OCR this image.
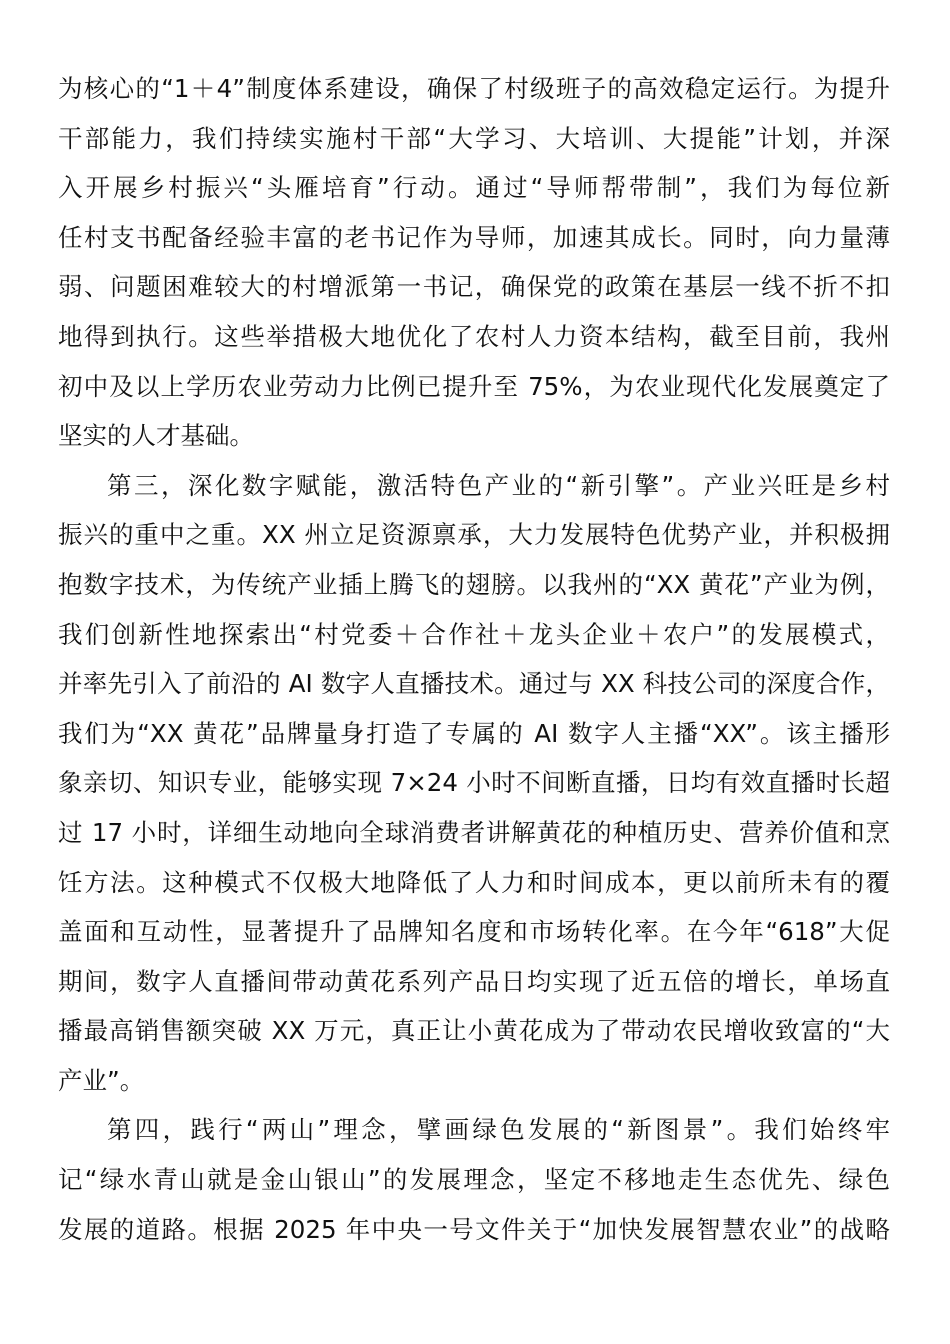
为核心的“1＋4”制度体系建设，确保了村级班子的高效稳定运行。为提升
干部能力，我们持续实施村干部“大学习、大培训、大提能”计划，并深
入开展乡村振兴“头雁培育”行动。通过“导师帮带制”，我们为每位新
任村支书配备经验丰富的老书记作为导师，加速其成长。同时，向力量薄
弱、问题困难较大的村增派第一书记，确保党的政策在基层一线不折不扣
地得到执行。这些举措极大地优化了农村人力资本结构，截至目前，我州
初中及以上学历农业劳动力比例已提升至 75%，为农业现代化发展奠定了
坚实的人才基础。
第三，深化数字赋能，激活特色产业的“新引擎”。产业兴旺是乡村
振兴的重中之重。XX 州立足资源禀承，大力发展特色优势产业，并积极拥
抱数字技术，为传统产业插上腾飞的翅膀。以我州的“XX 黄花”产业为例，
我们创新性地探索出“村党委＋合作社＋龙头企业＋农户”的发展模式，
并率先引入了前沿的 AI 数字人直播技术。通过与 XX 科技公司的深度合作，
我们为“XX 黄花”品牌量身打造了专属的 AI 数字人主播“XX”。该主播形
象亲切、知识专业，能够实现 7×24 小时不间断直播，日均有效直播时长超
过 17 小时，详细生动地向全球消费者讲解黄花的种植历史、营养价值和烹
饪方法。这种模式不仅极大地降低了人力和时间成本，更以前所未有的覆
盖面和互动性，显著提升了品牌知名度和市场转化率。在今年“618”大促
期间，数字人直播间带动黄花系列产品日均实现了近五倍的增长，单场直
播最高销售额突破 XX 万元，真正让小黄花成为了带动农民增收致富的“大
产业”。
第四，践行“两山”理念，擘画绿色发展的“新图景”。我们始终牢
记“绿水青山就是金山银山”的发展理念，坚定不移地走生态优先、绿色
发展的道路。根据 2025 年中央一号文件关于“加快发展智慧农业”的战略
